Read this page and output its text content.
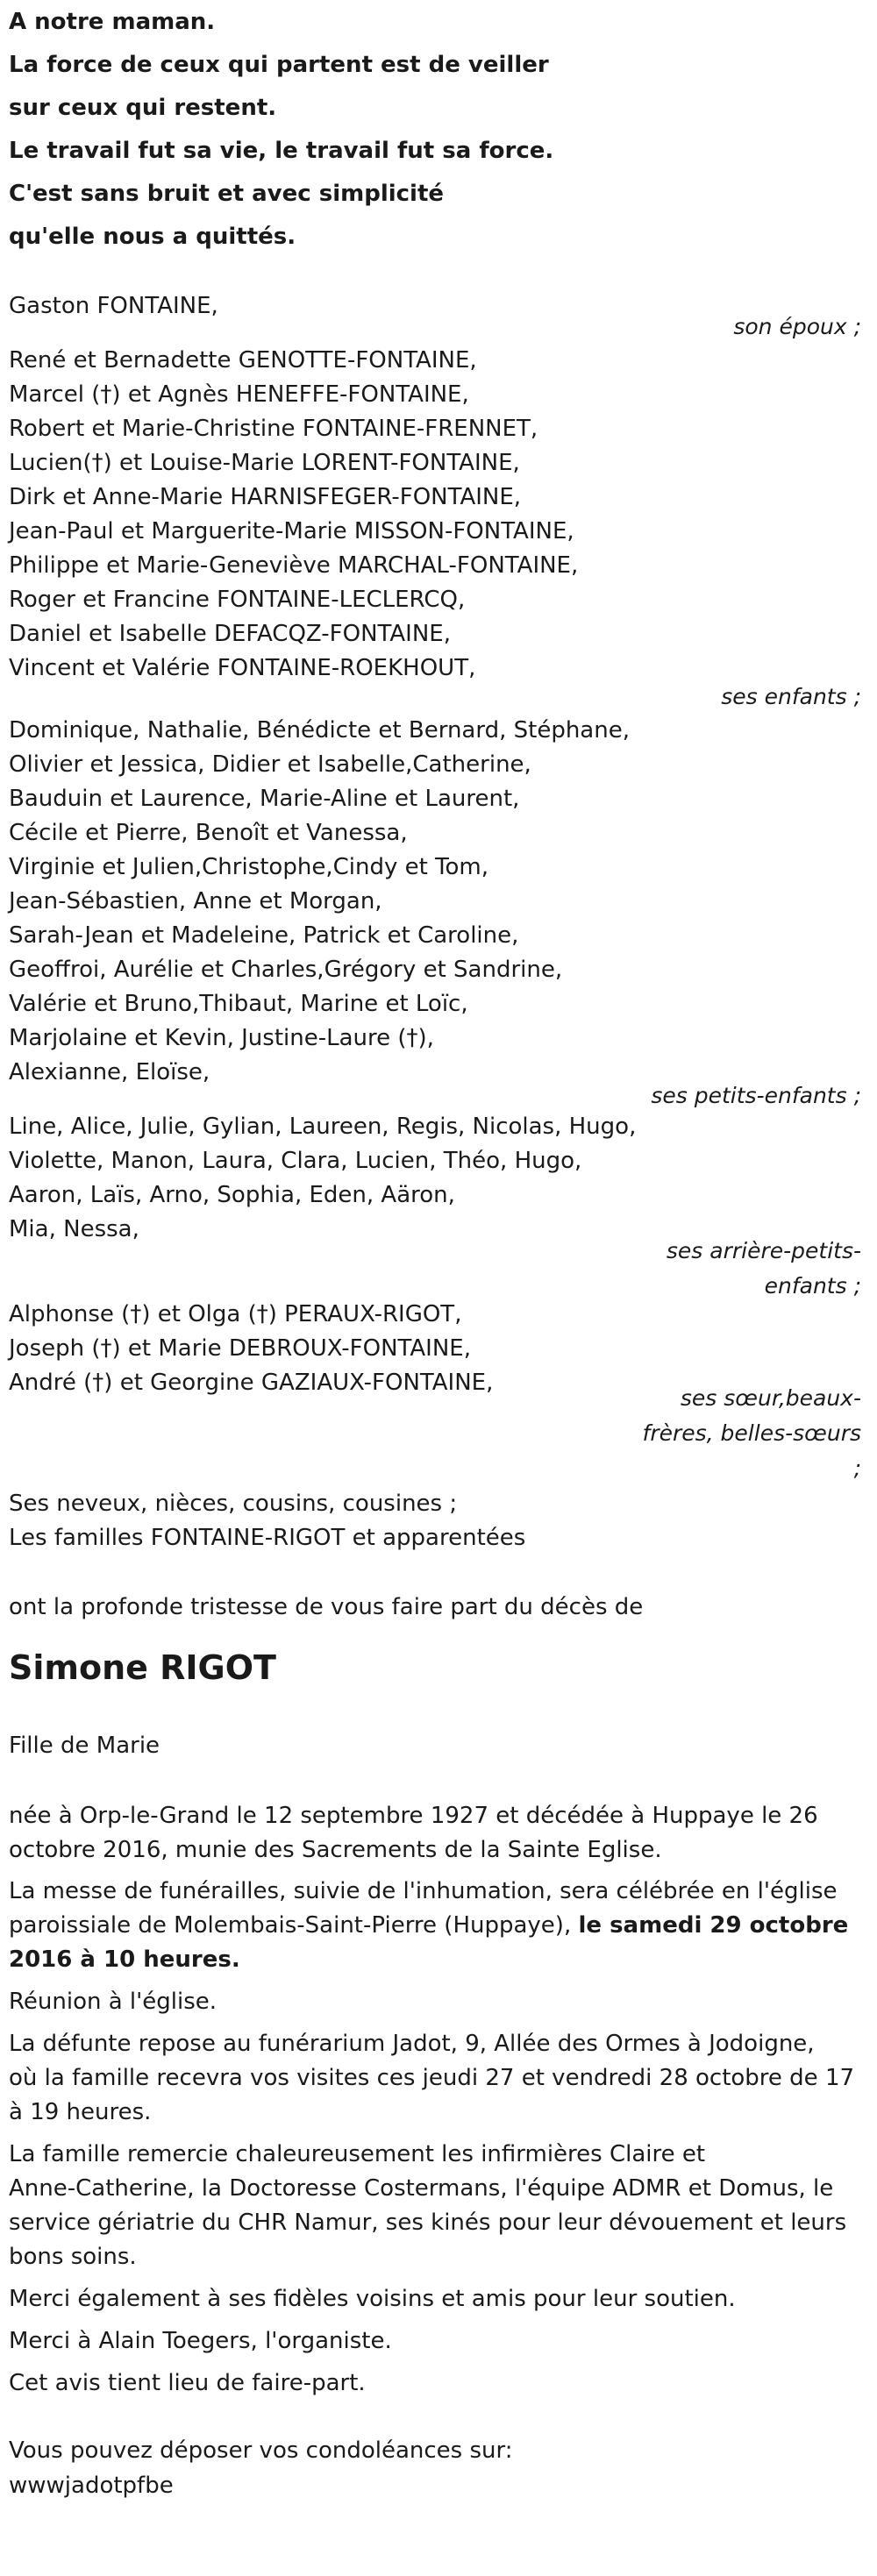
A notre maman.
La force de ceux qui partent est de veiller
sur ceux qui restent.
Le travail fut sa vie, le travail fut sa force.
C'est sans bruit et avec simplicité
qu'elle nous a quittés.
Gaston FONTAINE,
son époux ;
René et Bernadette GENOTTE-FONTAINE,
Marcel (†) et Agnès HENEFFE-FONTAINE,
Robert et Marie-Christine FONTAINE-FRENNET,
Lucien(†) et Louise-Marie LORENT-FONTAINE,
Dirk et Anne-Marie HARNISFEGER-FONTAINE,
Jean-Paul et Marguerite-Marie MISSON-FONTAINE,
Philippe et Marie-Geneviève MARCHAL-FONTAINE,
Roger et Francine FONTAINE-LECLERCQ,
Daniel et Isabelle DEFACQZ-FONTAINE,
Vincent et Valérie FONTAINE-ROEKHOUT,
ses enfants ;
Dominique, Nathalie, Bénédicte et Bernard, Stéphane,
Olivier et Jessica, Didier et Isabelle,Catherine,
Bauduin et Laurence, Marie-Aline et Laurent,
Cécile et Pierre, Benoît et Vanessa,
Virginie et Julien,Christophe,Cindy et Tom,
Jean-Sébastien, Anne et Morgan,
Sarah-Jean et Madeleine, Patrick et Caroline,
Geoffroi, Aurélie et Charles,Grégory et Sandrine,
Valérie et Bruno,Thibaut, Marine et Loïc,
Marjolaine et Kevin, Justine-Laure (†),
Alexianne, Eloïse,
ses petits-enfants ;
Line, Alice, Julie, Gylian, Laureen, Regis, Nicolas, Hugo,
Violette, Manon, Laura, Clara, Lucien, Théo, Hugo,
Aaron, Laïs, Arno, Sophia, Eden, Aäron,
Mia, Nessa,
ses arrière-petits-
enfants ;
Alphonse (†) et Olga (†) PERAUX-RIGOT,
Joseph (†) et Marie DEBROUX-FONTAINE,
André (†) et Georgine GAZIAUX-FONTAINE,
ses sœur,beaux-
frères, belles-sœurs
;
Ses neveux, nièces, cousins, cousines ;
Les familles FONTAINE-RIGOT et apparentées
ont la profonde tristesse de vous faire part du décès de
Simone RIGOT
Fille de Marie
née à Orp-le-Grand le 12 septembre 1927 et décédée à Huppaye le 26
octobre 2016, munie des Sacrements de la Sainte Eglise.
La messe de funérailles, suivie de l'inhumation, sera célébrée en l'église
paroissiale de Molembais-Saint-Pierre (Huppaye), le samedi 29 octobre
2016 à 10 heures.
Réunion à l'église.
La défunte repose au funérarium Jadot, 9, Allée des Ormes à Jodoigne,
où la famille recevra vos visites ces jeudi 27 et vendredi 28 octobre de 17
à 19 heures.
La famille remercie chaleureusement les infirmières Claire et
Anne-Catherine, la Doctoresse Costermans, l'équipe ADMR et Domus, le
service gériatrie du CHR Namur, ses kinés pour leur dévouement et leurs
bons soins.
Merci également à ses fidèles voisins et amis pour leur soutien.
Merci à Alain Toegers, l'organiste.
Cet avis tient lieu de faire-part.
Vous pouvez déposer vos condoléances sur:
wwwjadotpfbe
